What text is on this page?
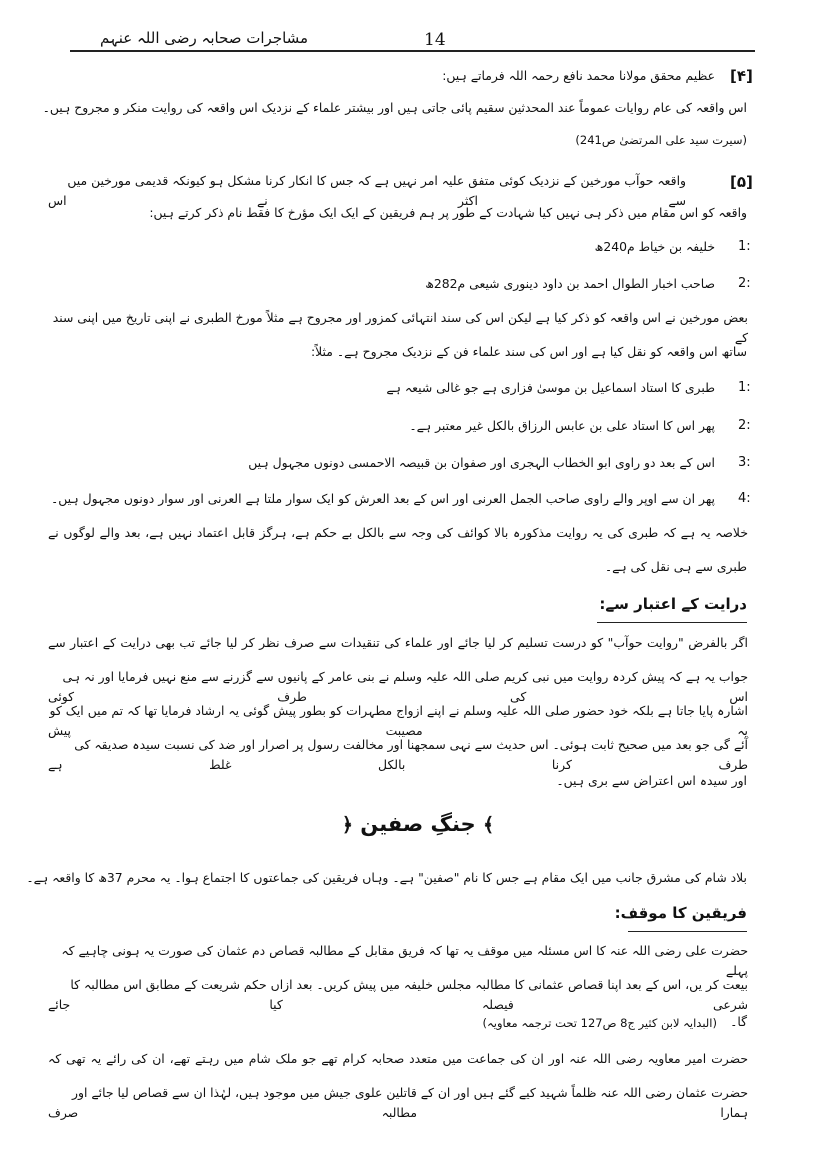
14
مشاجرات صحابہ رضی اللہ عنہم
[۴]
عظیم محقق مولانا محمد نافع رحمہ اللہ فرماتے ہیں:
اس واقعہ کی عام روایات عموماً عند المحدثین سقیم پائی جاتی ہیں اور بیشتر علماء کے نزدیک اس واقعہ کی روایت منکر و مجروح ہیں۔
(سیرت سید علی المرتضیٰ ص241)
[۵]
واقعہ حوآب مورخین کے نزدیک کوئی متفق علیہ امر نہیں ہے کہ جس کا انکار کرنا مشکل ہو کیونکہ قدیمی مورخین میں سے اکثر نے اس
واقعہ کو اس مقام میں ذکر ہی نہیں کیا شہادت کے طور پر ہم فریقین کے ایک ایک مؤرخ کا فقط نام ذکر کرتے ہیں:
1:
خلیفہ بن خیاط م240ھ
2:
صاحب اخبار الطوال احمد بن داود دینوری شیعی م282ھ
بعض مورخین نے اس واقعہ کو ذکر کیا ہے لیکن اس کی سند انتہائی کمزور اور مجروح ہے مثلاً مورخ الطبری نے اپنی تاریخ میں اپنی سند کے
ساتھ اس واقعہ کو نقل کیا ہے اور اس کی سند علماء فن کے نزدیک مجروح ہے۔ مثلاً:
1:
طبری کا استاد اسماعیل بن موسیٰ فزاری ہے جو غالی شیعہ ہے
2:
پھر اس کا استاد علی بن عابس الرزاق بالکل غیر معتبر ہے۔
3:
اس کے بعد دو راوی ابو الخطاب الہجری اور صفوان بن قبیصہ الاحمسی دونوں مجہول ہیں
4:
پھر ان سے اوپر والے راوی صاحب الجمل العرنی اور اس کے بعد العرش کو ایک سوار ملتا ہے العرنی اور سوار دونوں مجہول ہیں۔
خلاصہ یہ ہے کہ طبری کی یہ روایت مذکورہ بالا کوائف کی وجہ سے بالکل بے حکم ہے، ہرگز قابل اعتماد نہیں ہے، بعد والے لوگوں نے
طبری سے ہی نقل کی ہے۔
درایت کے اعتبار سے:
اگر بالفرض "روایت حوآب" کو درست تسلیم کر لیا جائے اور علماء کی تنقیدات سے صرف نظر کر لیا جائے تب بھی درایت کے اعتبار سے
جواب یہ ہے کہ پیش کردہ روایت میں نبی کریم صلی اللہ علیہ وسلم نے بنی عامر کے پانیوں سے گزرنے سے منع نہیں فرمایا اور نہ ہی اس کی طرف کوئی
اشارہ پایا جاتا ہے بلکہ خود حضور صلی اللہ علیہ وسلم نے اپنے ازواج مطہرات کو بطور پیش گوئی یہ ارشاد فرمایا تھا کہ تم میں ایک کو یہ مصیبت پیش
آئے گی جو بعد میں صحیح ثابت ہوئی۔ اس حدیث سے نہی سمجھنا اور مخالفت رسول پر اصرار اور ضد کی نسبت سیدہ صدیقہ کی طرف کرنا بالکل غلط ہے
اور سیدہ اس اعتراض سے بری ہیں۔
﴾ جنگِ صفین ﴿
بلاد شام کی مشرق جانب میں ایک مقام ہے جس کا نام "صفین" ہے۔ وہاں فریقین کی جماعتوں کا اجتماع ہوا۔ یہ محرم 37ھ کا واقعہ ہے۔
فریقین کا موقف:
حضرت علی رضی اللہ عنہ کا اس مسئلہ میں موقف یہ تھا کہ فریق مقابل کے مطالبہ قصاص دم عثمان کی صورت یہ ہونی چاہیے کہ پہلے
بیعت کر یں، اس کے بعد اپنا قصاص عثمانی کا مطالبہ مجلس خلیفہ میں پیش کریں۔ بعد ازاں حکم شریعت کے مطابق اس مطالبہ کا شرعی فیصلہ کیا جائے
گا۔
(البدایہ لابن کثیر ج8 ص127 تحت ترجمہ معاویہ)
حضرت امیر معاویہ رضی اللہ عنہ اور ان کی جماعت میں متعدد صحابہ کرام تھے جو ملک شام میں رہتے تھے، ان کی رائے یہ تھی کہ
حضرت عثمان رضی اللہ عنہ ظلماً شہید کیے گئے ہیں اور ان کے قاتلین علوی جیش میں موجود ہیں، لہٰذا ان سے قصاص لیا جائے اور ہمارا مطالبہ صرف
